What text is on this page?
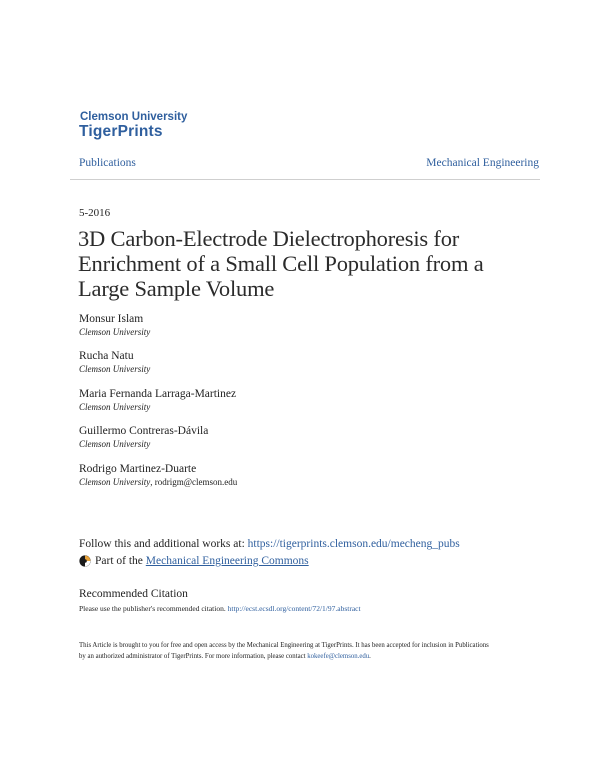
Clemson University
TigerPrints
Publications	Mechanical Engineering
5-2016
3D Carbon-Electrode Dielectrophoresis for
Enrichment of a Small Cell Population from a
Large Sample Volume
Monsur Islam
Clemson University
Rucha Natu
Clemson University
Maria Fernanda Larraga-Martinez
Clemson University
Guillermo Contreras-Dávila
Clemson University
Rodrigo Martinez-Duarte
Clemson University, rodrigm@clemson.edu
Follow this and additional works at: https://tigerprints.clemson.edu/mecheng_pubs
Part of the
Mechanical Engineering Commons
Recommended Citation
Please use the publisher's recommended citation. http://ecst.ecsdl.org/content/72/1/97.abstract
This Article is brought to you for free and open access by the Mechanical Engineering at TigerPrints. It has been accepted for inclusion in Publications
by an authorized administrator of TigerPrints. For more information, please contact kokeefe@clemson.edu.
